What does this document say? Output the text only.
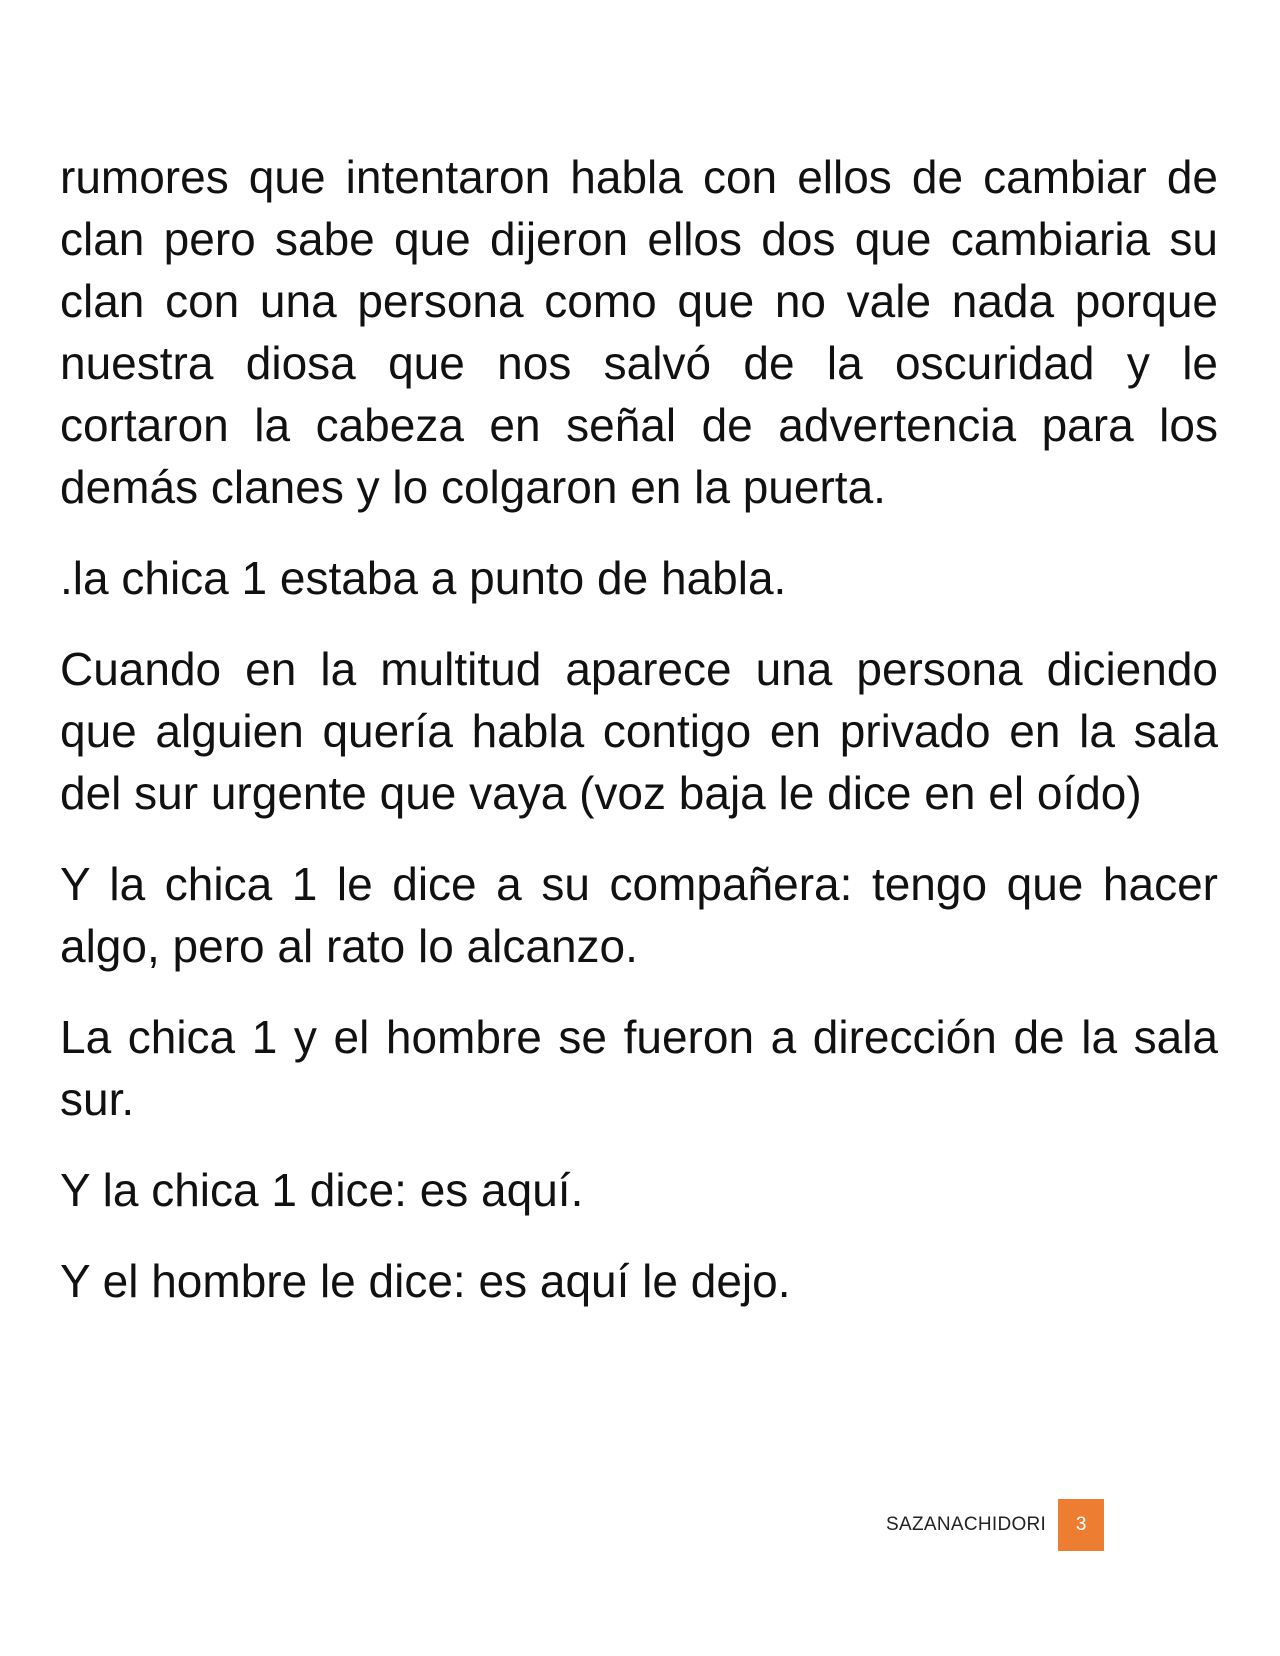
rumores que intentaron habla con ellos de cambiar de clan pero sabe que dijeron ellos dos que cambiaria su clan con una persona como que no vale nada porque nuestra diosa que nos salvó de la oscuridad y le cortaron la cabeza en señal de advertencia para los demás clanes y lo colgaron en la puerta.

.la chica 1 estaba a punto de habla.

Cuando en la multitud aparece una persona diciendo que alguien quería habla contigo en privado en la sala del sur urgente que vaya (voz baja le dice en el oído)

Y la chica 1 le dice a su compañera: tengo que hacer algo, pero al rato lo alcanzo.

La chica 1 y el hombre se fueron a dirección de la sala sur.

Y la chica 1 dice: es aquí.

Y el hombre le dice: es aquí le dejo.

SAZANACHIDORI	3
